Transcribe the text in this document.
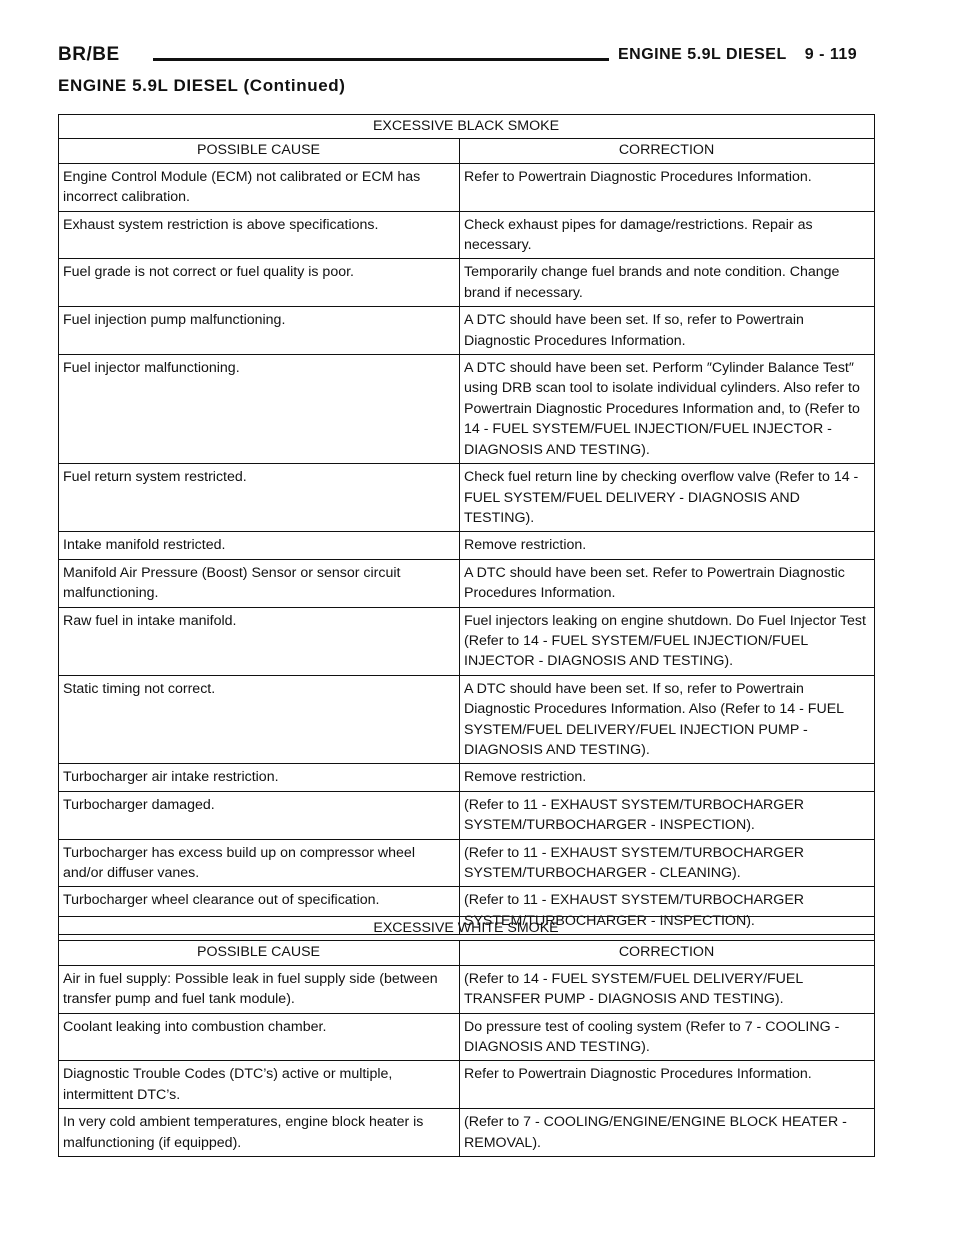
BR/BE	ENGINE 5.9L DIESEL 9 - 119
ENGINE 5.9L DIESEL (Continued)
EXCESSIVE BLACK SMOKE	
POSSIBLE CAUSE	CORRECTION
Engine Control Module (ECM) not calibrated or ECM has incorrect calibration.	Refer to Powertrain Diagnostic Procedures Information.
Exhaust system restriction is above specifications.	Check exhaust pipes for damage/restrictions. Repair as necessary.
Fuel grade is not correct or fuel quality is poor.	Temporarily change fuel brands and note condition. Change brand if necessary.
Fuel injection pump malfunctioning.	A DTC should have been set. If so, refer to Powertrain Diagnostic Procedures Information.
Fuel injector malfunctioning.	A DTC should have been set. Perform ″Cylinder Balance Test″ using DRB scan tool to isolate individual cylinders. Also refer to Powertrain Diagnostic Procedures Information and, to (Refer to 14 - FUEL SYSTEM/FUEL INJECTION/FUEL INJECTOR - DIAGNOSIS AND TESTING).
Fuel return system restricted.	Check fuel return line by checking overflow valve (Refer to 14 - FUEL SYSTEM/FUEL DELIVERY - DIAGNOSIS AND TESTING).
Intake manifold restricted.	Remove restriction.
Manifold Air Pressure (Boost) Sensor or sensor circuit malfunctioning.	A DTC should have been set. Refer to Powertrain Diagnostic Procedures Information.
Raw fuel in intake manifold.	Fuel injectors leaking on engine shutdown. Do Fuel Injector Test (Refer to 14 - FUEL SYSTEM/FUEL INJECTION/FUEL INJECTOR - DIAGNOSIS AND TESTING).
Static timing not correct.	A DTC should have been set. If so, refer to Powertrain Diagnostic Procedures Information. Also (Refer to 14 - FUEL SYSTEM/FUEL DELIVERY/FUEL INJECTION PUMP - DIAGNOSIS AND TESTING).
Turbocharger air intake restriction.	Remove restriction.
Turbocharger damaged.	(Refer to 11 - EXHAUST SYSTEM/TURBOCHARGER SYSTEM/TURBOCHARGER - INSPECTION).
Turbocharger has excess build up on compressor wheel and/or diffuser vanes.	(Refer to 11 - EXHAUST SYSTEM/TURBOCHARGER SYSTEM/TURBOCHARGER - CLEANING).
Turbocharger wheel clearance out of specification.	(Refer to 11 - EXHAUST SYSTEM/TURBOCHARGER SYSTEM/TURBOCHARGER - INSPECTION).
EXCESSIVE WHITE SMOKE	
POSSIBLE CAUSE	CORRECTION
Air in fuel supply: Possible leak in fuel supply side (between transfer pump and fuel tank module).	(Refer to 14 - FUEL SYSTEM/FUEL DELIVERY/FUEL TRANSFER PUMP - DIAGNOSIS AND TESTING).
Coolant leaking into combustion chamber.	Do pressure test of cooling system (Refer to 7 - COOLING - DIAGNOSIS AND TESTING).
Diagnostic Trouble Codes (DTC’s) active or multiple, intermittent DTC’s.	Refer to Powertrain Diagnostic Procedures Information.
In very cold ambient temperatures, engine block heater is malfunctioning (if equipped).	(Refer to 7 - COOLING/ENGINE/ENGINE BLOCK HEATER - REMOVAL).
